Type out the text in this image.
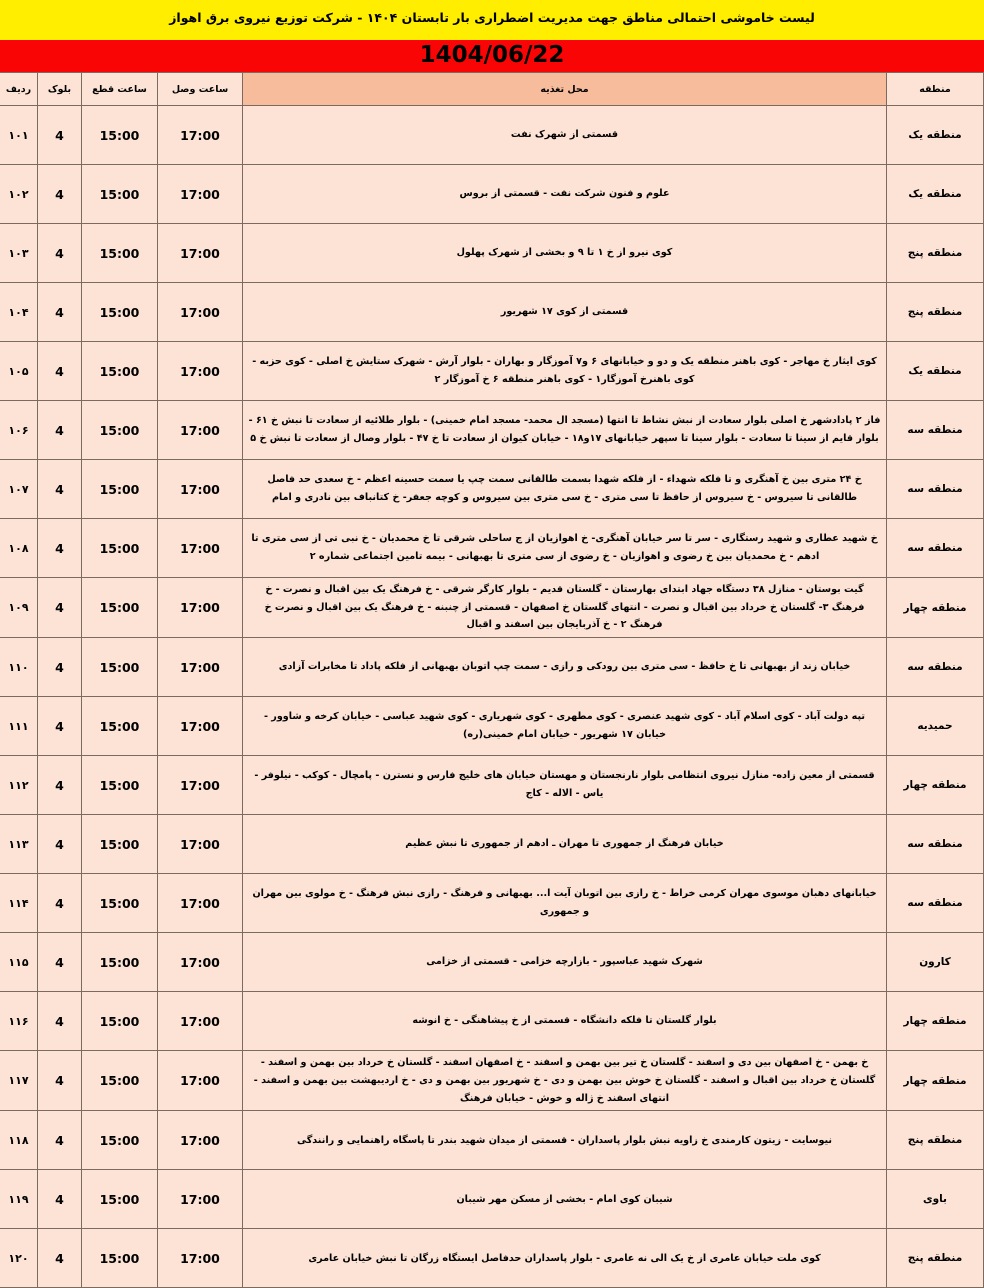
لیست خاموشی احتمالی مناطق جهت مدیریت اضطراری بار تابستان ۱۴۰۴ - شرکت توزیع نیروی برق اهواز
1404/06/22
منطقه	محل تغذیه	ساعت وصل	ساعت قطع	بلوک	ردیف
منطقه یک	قسمتی از شهرک نفت	17:00	15:00	4	۱۰۱
منطقه یک	علوم و فنون شرکت نفت - قسمتی از بروس	17:00	15:00	4	۱۰۲
منطقه پنج	کوی نیرو از خ ۱ تا ۹ و بخشی از شهرک پهلول	17:00	15:00	4	۱۰۳
منطقه پنج	قسمتی از کوی ۱۷ شهریور	17:00	15:00	4	۱۰۴
منطقه یک	کوی ایثار خ مهاجر - کوی باهنر منطقه یک و دو و خیابانهای ۶ و۷ آموزگار و بهاران - بلوار آرش - شهرک ستایش خ اصلی - کوی حزبه - کوی باهنرخ آموزگار۱ - کوی باهنر منطقه ۶ خ آموزگار ۲	17:00	15:00	4	۱۰۵
منطقه سه	فاز ۲ پادادشهر خ اصلی بلوار سعادت از نبش نشاط تا انتها (مسجد ال محمد- مسجد امام خمینی) - بلوار طلائیه از سعادت تا نبش خ ۶۱ - بلوار قایم از سینا تا سعادت - بلوار سینا تا سپهر خیابانهای ۱۷و۱۸ - خیابان کیوان از سعادت تا خ ۴۷ - بلوار وصال از سعادت تا نبش خ ۵	17:00	15:00	4	۱۰۶
منطقه سه	خ ۲۴ متری بین خ آهنگری و تا فلکه شهداء - از فلکه شهدا بسمت طالقانی سمت چپ یا سمت حسینه اعظم - خ سعدی حد فاصل طالقانی تا سیروس - خ سیروس از حافظ تا سی متری - خ سی متری بین سیروس و کوچه جعفر- خ کتانباف بین نادری و امام	17:00	15:00	4	۱۰۷
منطقه سه	خ شهید عطاری و شهید رستگاری - سر تا سر خیابان آهنگری- خ اهوازیان از ج ساحلی شرقی تا خ محمدیان - خ نبی تی از سی متری تا ادهم - خ محمدیان بین خ رضوی و اهوازیان - خ رضوی از سی متری تا بهبهانی - بیمه تامین اجتماعی شماره ۲	17:00	15:00	4	۱۰۸
منطقه چهار	گیت بوستان - منازل ۳۸ دستگاه جهاد ابتدای بهارستان - گلستان قدیم - بلوار کارگر شرقی - خ فرهنگ یک بین اقبال و نصرت - خ فرهنگ ۳- گلستان خ خرداد بین اقبال و نصرت - انتهای گلستان خ اصفهان - قسمتی از چنبنه - خ فرهنگ یک بین اقبال و نصرت خ فرهنگ ۲ - خ آذربایجان بین اسفند و اقبال	17:00	15:00	4	۱۰۹
منطقه سه	خیابان زند از بهبهانی تا خ حافظ - سی متری بین رودکی و رازی - سمت چپ اتوبان بهبهانی از فلکه پاداد تا مخابرات آزادی	17:00	15:00	4	۱۱۰
حمیدیه	تپه دولت آباد - کوی اسلام آباد - کوی شهید عنصری - کوی مطهری - کوی شهریاری - کوی شهید عباسی - خیابان کرخه و شاوور - خیابان ۱۷ شهریور - خیابان امام خمینی(ره)	17:00	15:00	4	۱۱۱
منطقه چهار	قسمتی از معین زاده- منازل نیروی انتظامی بلوار نارنجستان و مهستان خیابان های خلیج فارس و نسترن - پامچال - کوکب - نیلوفر - یاس - الاله - کاج	17:00	15:00	4	۱۱۲
منطقه سه	خیابان فرهنگ از جمهوری تا مهران ـ ادهم از جمهوری تا نبش عظیم	17:00	15:00	4	۱۱۳
منطقه سه	خیابانهای دهبان موسوی مهران کرمی خراط - خ رازی بین اتوبان آیت ا... بهبهانی و فرهنگ - رازی نبش فرهنگ - خ مولوی بین مهران و جمهوری	17:00	15:00	4	۱۱۴
کارون	شهرک شهید عباسپور - بازارچه خزامی - قسمتی از خزامی	17:00	15:00	4	۱۱۵
منطقه چهار	بلوار گلستان تا فلکه دانشگاه - قسمتی از خ پیشاهنگی - خ انوشه	17:00	15:00	4	۱۱۶
منطقه چهار	خ بهمن - خ اصفهان بین دی و اسفند - گلستان خ تیر بین بهمن و اسفند - خ اصفهان اسفند - گلستان خ خرداد بین بهمن و اسفند - گلستان خ خرداد بین اقبال و اسفند - گلستان خ خوش بین بهمن و دی - خ شهریور بین بهمن و دی - خ اردیبهشت بین بهمن و اسفند - انتهای اسفند خ ژاله و خوش - خیابان فرهنگ	17:00	15:00	4	۱۱۷
منطقه پنج	نیوسایت - زیتون کارمندی خ زاویه نبش بلوار پاسداران - قسمتی از میدان شهید بندر تا پاسگاه راهنمایی و رانندگی	17:00	15:00	4	۱۱۸
باوی	شیبان کوی امام - بخشی از مسکن مهر شیبان	17:00	15:00	4	۱۱۹
منطقه پنج	کوی ملت خیابان عامری از خ یک الی نه عامری - بلوار پاسداران حدفاصل ایستگاه زرگان تا نبش خیابان عامری	17:00	15:00	4	۱۲۰
